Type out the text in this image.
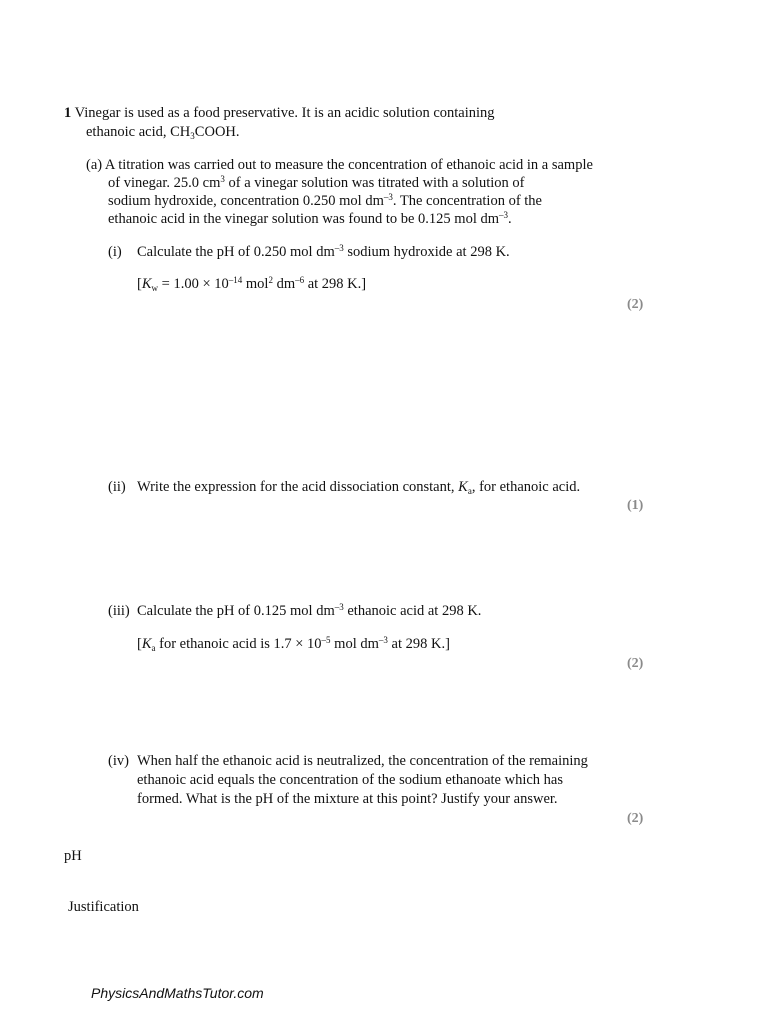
1 Vinegar is used as a food preservative. It is an acidic solution containing
ethanoic acid, $CH_3COOH$.
(a) A titration was carried out to measure the concentration of ethanoic acid in a sample
of vinegar. 25.0 $cm^3$ of a vinegar solution was titrated with a solution of
sodium hydroxide, concentration 0.250 mol $dm^{-3}$. The concentration of the
ethanoic acid in the vinegar solution was found to be 0.125 mol $dm^{-3}$.
(i) Calculate the pH of 0.250 mol $dm^{-3}$ sodium hydroxide at 298 K.
[$K_w = 1.00 \times 10^{-14}$ mol$^2$ $dm^{-6}$ at 298 K.]
(2)
(ii) Write the expression for the acid dissociation constant, $K_a$, for ethanoic acid.
(1)
(iii) Calculate the pH of 0.125 mol $dm^{-3}$ ethanoic acid at 298 K.
[$K_a$ for ethanoic acid is $1.7 \times 10^{-5}$ mol $dm^{-3}$ at 298 K.]
(2)
(iv) When half the ethanoic acid is neutralized, the concentration of the remaining
ethanoic acid equals the concentration of the sodium ethanoate which has
formed. What is the pH of the mixture at this point? Justify your answer.
(2)
pH
Justification
PhysicsAndMathsTutor.com
